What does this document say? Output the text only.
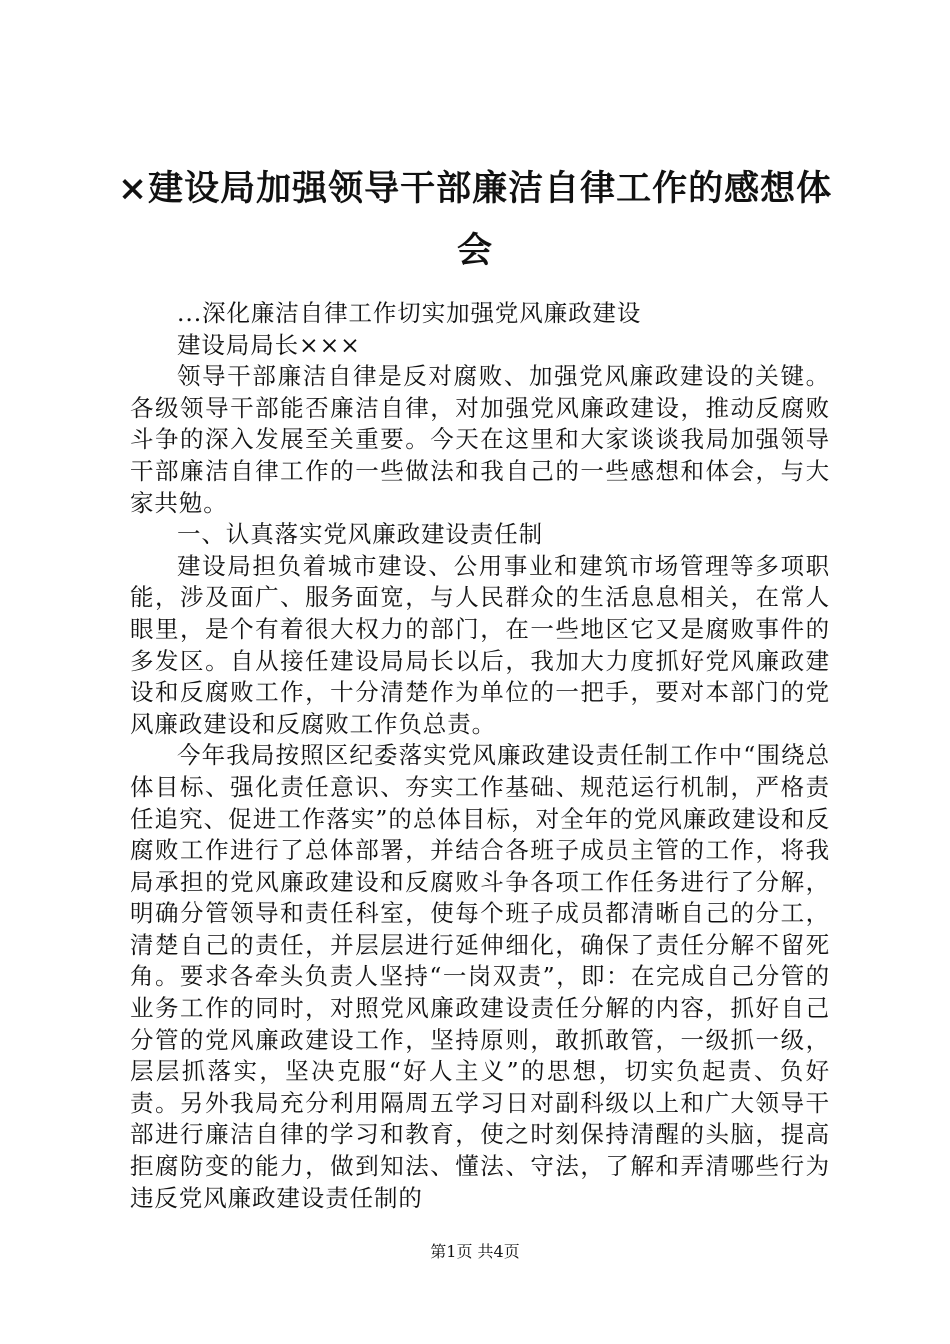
×建设局加强领导干部廉洁自律工作的感想体会

...深化廉洁自律工作切实加强党风廉政建设

建设局局长×××

领导干部廉洁自律是反对腐败、加强党风廉政建设的关键。各级领导干部能否廉洁自律，对加强党风廉政建设，推动反腐败斗争的深入发展至关重要。今天在这里和大家谈谈我局加强领导干部廉洁自律工作的一些做法和我自己的一些感想和体会，与大家共勉。

一、认真落实党风廉政建设责任制

建设局担负着城市建设、公用事业和建筑市场管理等多项职能，涉及面广、服务面宽，与人民群众的生活息息相关，在常人眼里，是个有着很大权力的部门，在一些地区它又是腐败事件的多发区。自从接任建设局局长以后，我加大力度抓好党风廉政建设和反腐败工作，十分清楚作为单位的一把手，要对本部门的党风廉政建设和反腐败工作负总责。

今年我局按照区纪委落实党风廉政建设责任制工作中“围绕总体目标、强化责任意识、夯实工作基础、规范运行机制，严格责任追究、促进工作落实”的总体目标，对全年的党风廉政建设和反腐败工作进行了总体部署，并结合各班子成员主管的工作，将我局承担的党风廉政建设和反腐败斗争各项工作任务进行了分解，明确分管领导和责任科室，使每个班子成员都清晰自己的分工，清楚自己的责任，并层层进行延伸细化，确保了责任分解不留死角。要求各牵头负责人坚持“一岗双责”，即：在完成自己分管的业务工作的同时，对照党风廉政建设责任分解的内容，抓好自己分管的党风廉政建设工作，坚持原则，敢抓敢管，一级抓一级，层层抓落实，坚决克服“好人主义”的思想，切实负起责、负好责。另外我局充分利用隔周五学习日对副科级以上和广大领导干部进行廉洁自律的学习和教育，使之时刻保持清醒的头脑，提高拒腐防变的能力，做到知法、懂法、守法，了解和弄清哪些行为违反党风廉政建设责任制的

第1页 共4页
